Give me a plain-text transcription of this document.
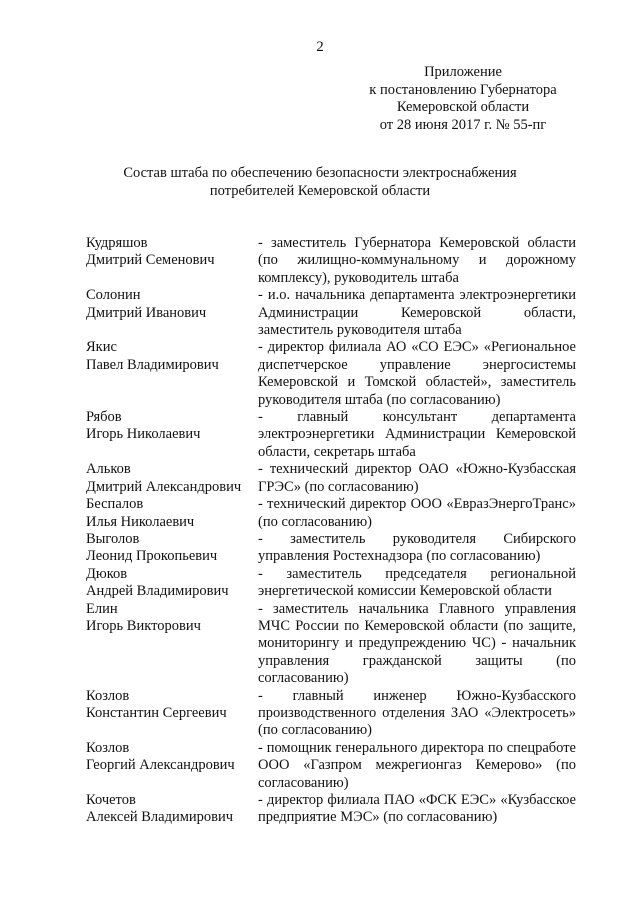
2
Приложение
к постановлению Губернатора
Кемеровской области
от 28 июня 2017 г. № 55-пг
Состав штаба по обеспечению безопасности электроснабжения
потребителей Кемеровской области
Кудряшов
Дмитрий Семенович
- заместитель Губернатора Кемеровской области (по жилищно-коммунальному и дорожному комплексу), руководитель штаба
Солонин
Дмитрий Иванович
- и.о. начальника департамента электроэнергетики Администрации Кемеровской области, заместитель руководителя штаба
Якис
Павел Владимирович
- директор филиала АО «СО ЕЭС» «Региональное диспетчерское управление энергосистемы Кемеровской и Томской областей», заместитель руководителя штаба (по согласованию)
Рябов
Игорь Николаевич
- главный консультант департамента электроэнергетики Администрации Кемеровской области, секретарь штаба
Альков
Дмитрий Александрович
- технический директор ОАО «Южно-Кузбасская ГРЭС» (по согласованию)
Беспалов
Илья Николаевич
- технический директор ООО «ЕвразЭнергоТранс» (по согласованию)
Выголов
Леонид Прокопьевич
- заместитель руководителя Сибирского управления Ростехнадзора (по согласованию)
Дюков
Андрей Владимирович
- заместитель председателя региональной энергетической комиссии Кемеровской области
Елин
Игорь Викторович
- заместитель начальника Главного управления МЧС России по Кемеровской области (по защите, мониторингу и предупреждению ЧС) - начальник управления гражданской защиты (по согласованию)
Козлов
Константин Сергеевич
- главный инженер Южно-Кузбасского производственного отделения ЗАО «Электросеть» (по согласованию)
Козлов
Георгий Александрович
- помощник генерального директора по спецработе ООО «Газпром межрегионгаз Кемерово» (по согласованию)
Кочетов
Алексей Владимирович
- директор филиала ПАО «ФСК ЕЭС» «Кузбасское предприятие МЭС» (по согласованию)
